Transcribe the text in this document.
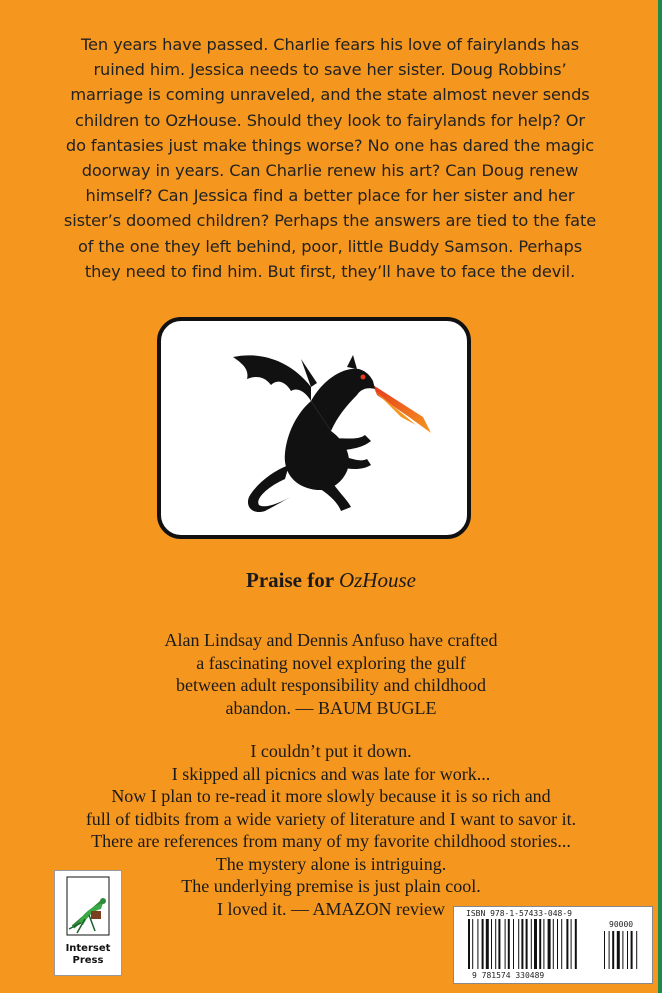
Ten years have passed. Charlie fears his love of fairylands has
ruined him. Jessica needs to save her sister. Doug Robbins’
marriage is coming unraveled, and the state almost never sends
children to OzHouse. Should they look to fairylands for help? Or
do fantasies just make things worse? No one has dared the magic
doorway in years. Can Charlie renew his art? Can Doug renew
himself? Can Jessica find a better place for her sister and her
sister’s doomed children? Perhaps the answers are tied to the fate
of the one they left behind, poor, little Buddy Samson. Perhaps
they need to find him. But first, they’ll have to face the devil.
Praise for OzHouse
Alan Lindsay and Dennis Anfuso have crafted
a fascinating novel exploring the gulf
between adult responsibility and childhood
abandon. — BAUM BUGLE
I couldn’t put it down.
I skipped all picnics and was late for work...
Now I plan to re-read it more slowly because it is so rich and
full of tidbits from a wide variety of literature and I want to savor it.
There are references from many of my favorite childhood stories...
The mystery alone is intriguing.
The underlying premise is just plain cool.
I loved it. — AMAZON review
Interset
Press
ISBN 978-1-57433-048-9
90000
9 781574 330489
